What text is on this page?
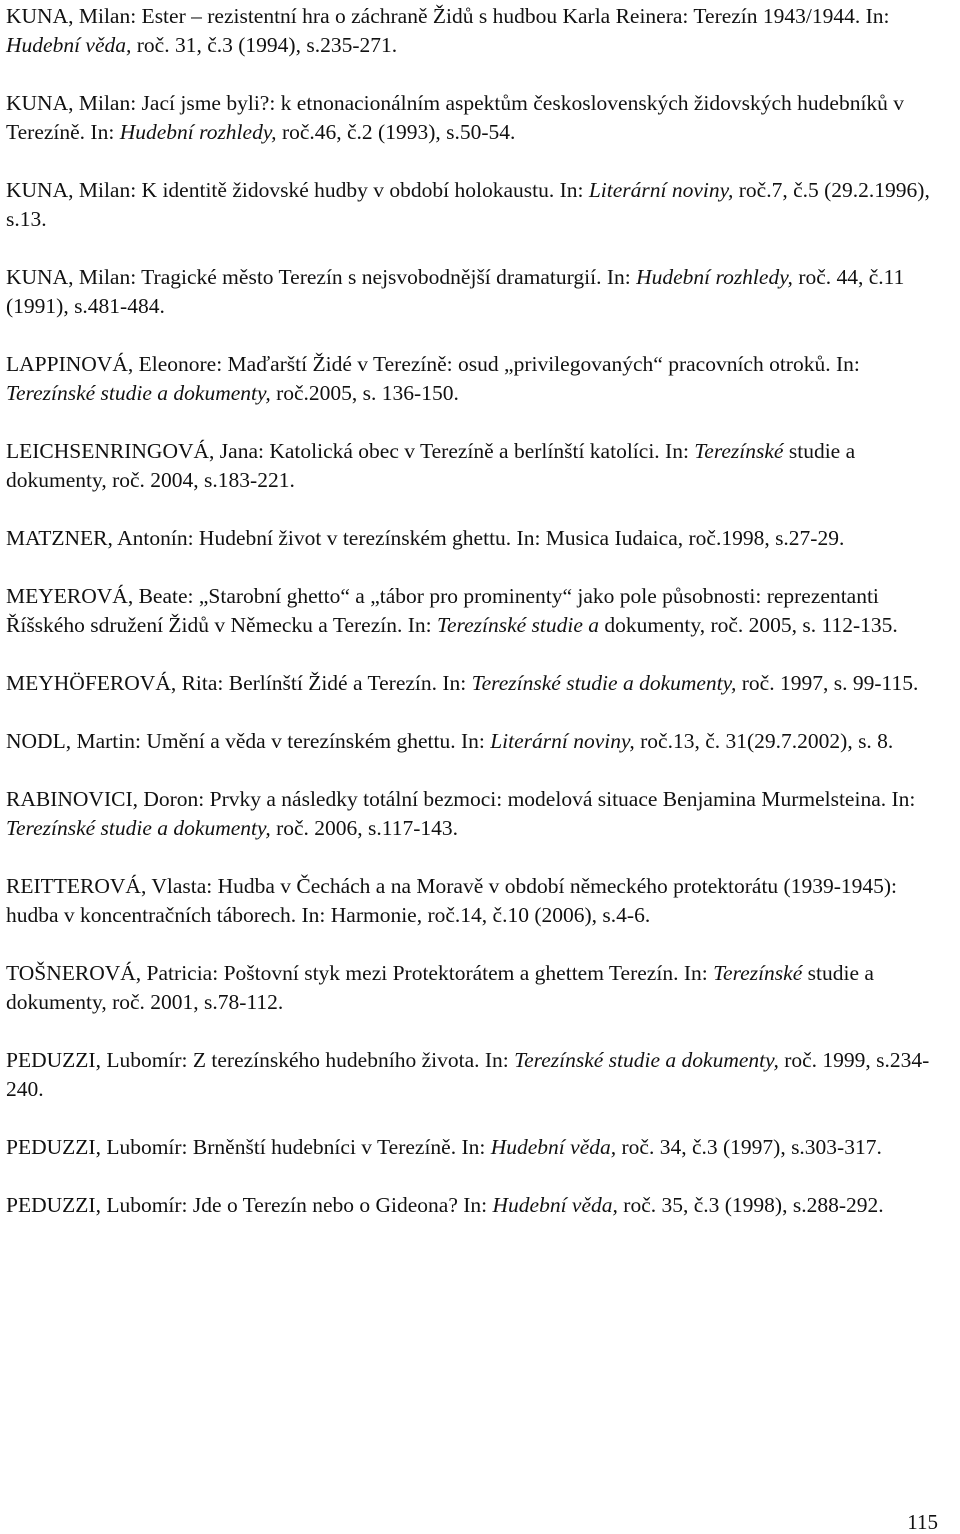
KUNA, Milan: Ester – rezistentní hra o záchraně Židů s hudbou Karla Reinera: Terezín 1943/1944. In: Hudební věda, roč. 31, č.3 (1994), s.235-271.

KUNA, Milan: Jací jsme byli?: k etnonacionálním aspektům československých židovských hudebníků v Terezíně. In: Hudební rozhledy, roč.46, č.2 (1993), s.50-54.

KUNA, Milan: K identitě židovské hudby v období holokaustu. In: Literární noviny, roč.7, č.5 (29.2.1996), s.13.

KUNA, Milan: Tragické město Terezín s nejsvobodnější dramaturgií. In: Hudební rozhledy, roč. 44, č.11 (1991), s.481-484.

LAPPINOVÁ, Eleonore: Maďarští Židé v Terezíně: osud „privilegovaných“ pracovních otroků. In: Terezínské studie a dokumenty, roč.2005, s. 136-150.

LEICHSENRINGOVÁ, Jana: Katolická obec v Terezíně a berlínští katolíci. In: Terezínské studie a dokumenty, roč. 2004, s.183-221.

MATZNER, Antonín: Hudební život v terezínském ghettu. In: Musica Iudaica, roč.1998, s.27-29.

MEYEROVÁ, Beate: „Starobní ghetto“ a „tábor pro prominenty“ jako pole působnosti: reprezentanti Říšského sdružení Židů v Německu a Terezín. In: Terezínské studie a dokumenty, roč. 2005, s. 112-135.

MEYHÖFEROVÁ, Rita: Berlínští Židé a Terezín. In: Terezínské studie a dokumenty, roč. 1997, s. 99-115.

NODL, Martin: Umění a věda v terezínském ghettu. In: Literární noviny, roč.13, č. 31(29.7.2002), s. 8.

RABINOVICI, Doron: Prvky a následky totální bezmoci: modelová situace Benjamina Murmelsteina. In: Terezínské studie a dokumenty, roč. 2006, s.117-143.

REITTEROVÁ, Vlasta: Hudba v Čechách a na Moravě v období německého protektorátu (1939-1945): hudba v koncentračních táborech. In: Harmonie, roč.14, č.10 (2006), s.4-6.

TOŠNEROVÁ, Patricia: Poštovní styk mezi Protektorátem a ghettem Terezín. In: Terezínské studie a dokumenty, roč. 2001, s.78-112.

PEDUZZI, Lubomír: Z terezínského hudebního života. In: Terezínské studie a dokumenty, roč. 1999, s.234-240.

PEDUZZI, Lubomír: Brněnští hudebníci v Terezíně. In: Hudební věda, roč. 34, č.3 (1997), s.303-317.

PEDUZZI, Lubomír: Jde o Terezín nebo o Gideona? In: Hudební věda, roč. 35, č.3 (1998), s.288-292.

115
